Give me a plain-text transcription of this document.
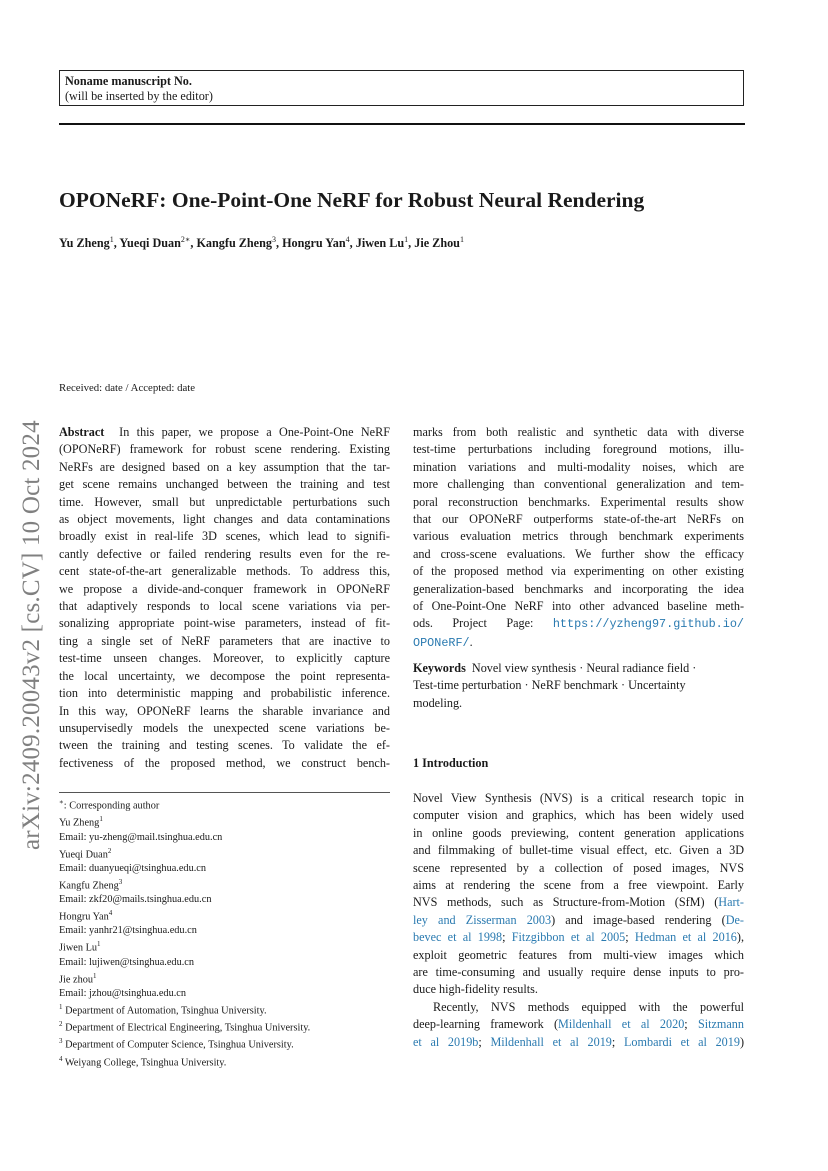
Noname manuscript No.
(will be inserted by the editor)
OPONeRF: One-Point-One NeRF for Robust Neural Rendering
Yu Zheng$^1$, Yueqi Duan$^{2∗}$, Kangfu Zheng$^3$, Hongru Yan$^4$, Jiwen Lu$^1$, Jie Zhou$^1$
arXiv:2409.20043v2 [cs.CV] 10 Oct 2024
Received: date / Accepted: date
Abstract In this paper, we propose a One-Point-One NeRF
(OPONeRF) framework for robust scene rendering. Existing
NeRFs are designed based on a key assumption that the tar-
get scene remains unchanged between the training and test
time. However, small but unpredictable perturbations such
as object movements, light changes and data contaminations
broadly exist in real-life 3D scenes, which lead to signifi-
cantly defective or failed rendering results even for the re-
cent state-of-the-art generalizable methods. To address this,
we propose a divide-and-conquer framework in OPONeRF
that adaptively responds to local scene variations via per-
sonalizing appropriate point-wise parameters, instead of fit-
ting a single set of NeRF parameters that are inactive to
test-time unseen changes. Moreover, to explicitly capture
the local uncertainty, we decompose the point representa-
tion into deterministic mapping and probabilistic inference.
In this way, OPONeRF learns the sharable invariance and
unsupervisedly models the unexpected scene variations be-
tween the training and testing scenes. To validate the ef-
fectiveness of the proposed method, we construct bench-
marks from both realistic and synthetic data with diverse
test-time perturbations including foreground motions, illu-
mination variations and multi-modality noises, which are
more challenging than conventional generalization and tem-
poral reconstruction benchmarks. Experimental results show
that our OPONeRF outperforms state-of-the-art NeRFs on
various evaluation metrics through benchmark experiments
and cross-scene evaluations. We further show the efficacy
of the proposed method via experimenting on other existing
generalization-based benchmarks and incorporating the idea
of One-Point-One NeRF into other advanced baseline meth-
ods. Project Page: https://yzheng97.github.io/
OPONeRF/.
Keywords Novel view synthesis · Neural radiance field ·
Test-time perturbation · NeRF benchmark · Uncertainty
modeling.
1 Introduction
Novel View Synthesis (NVS) is a critical research topic in
computer vision and graphics, which has been widely used
in online goods previewing, content generation applications
and filmmaking of bullet-time visual effect, etc. Given a 3D
scene represented by a collection of posed images, NVS
aims at rendering the scene from a free viewpoint. Early
NVS methods, such as Structure-from-Motion (SfM) (Hart-
ley and Zisserman 2003) and image-based rendering (De-
bevec et al 1998; Fitzgibbon et al 2005; Hedman et al 2016),
exploit geometric features from multi-view images which
are time-consuming and usually require dense inputs to pro-
duce high-fidelity results.
Recently, NVS methods equipped with the powerful
deep-learning framework (Mildenhall et al 2020; Sitzmann
et al 2019b; Mildenhall et al 2019; Lombardi et al 2019)
∗: Corresponding author
Yu Zheng$^1$
Email: yu-zheng@mail.tsinghua.edu.cn
Yueqi Duan$^2$
Email: duanyueqi@tsinghua.edu.cn
Kangfu Zheng$^3$
Email: zkf20@mails.tsinghua.edu.cn
Hongru Yan$^4$
Email: yanhr21@tsinghua.edu.cn
Jiwen Lu$^1$
Email: lujiwen@tsinghua.edu.cn
Jie zhou$^1$
Email: jzhou@tsinghua.edu.cn
$^1$ Department of Automation, Tsinghua University.
$^2$ Department of Electrical Engineering, Tsinghua University.
$^3$ Department of Computer Science, Tsinghua University.
$^4$ Weiyang College, Tsinghua University.
